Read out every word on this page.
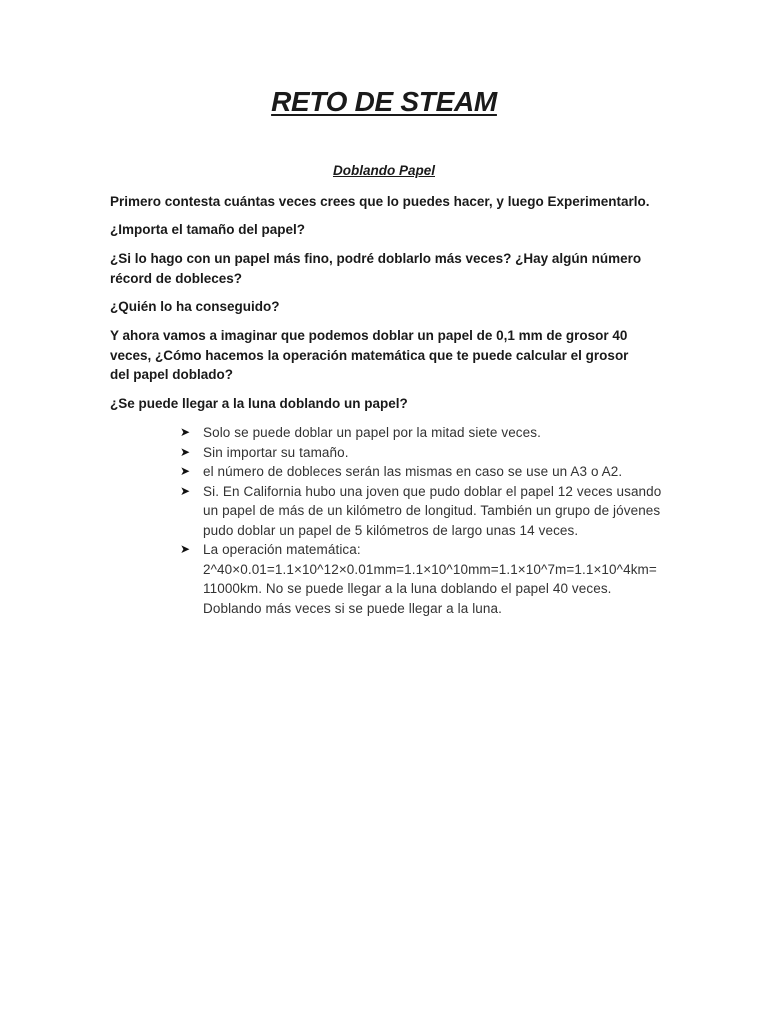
RETO DE STEAM
Doblando Papel

Primero contesta cuántas veces crees que lo puedes hacer, y luego Experimentarlo.

¿Importa el tamaño del papel?

¿Si lo hago con un papel más fino, podré doblarlo más veces? ¿Hay algún número récord de dobleces?

¿Quién lo ha conseguido?

Y ahora vamos a imaginar que podemos doblar un papel de 0,1 mm de grosor 40 veces, ¿Cómo hacemos la operación matemática que te puede calcular el grosor del papel doblado?

¿Se puede llegar a la luna doblando un papel?

➤ Solo se puede doblar un papel por la mitad siete veces.
➤ Sin importar su tamaño.
➤ el número de dobleces serán las mismas en caso se use un A3 o A2.
➤ Si. En California hubo una joven que pudo doblar el papel 12 veces usando un papel de más de un kilómetro de longitud. También un grupo de jóvenes pudo doblar un papel de 5 kilómetros de largo unas 14 veces.
➤ La operación matemática: 2^40×0.01=1.1×10^12×0.01mm=1.1×10^10mm=1.1×10^7m=1.1×10^4km= 11000km. No se puede llegar a la luna doblando el papel 40 veces. Doblando más veces si se puede llegar a la luna.
